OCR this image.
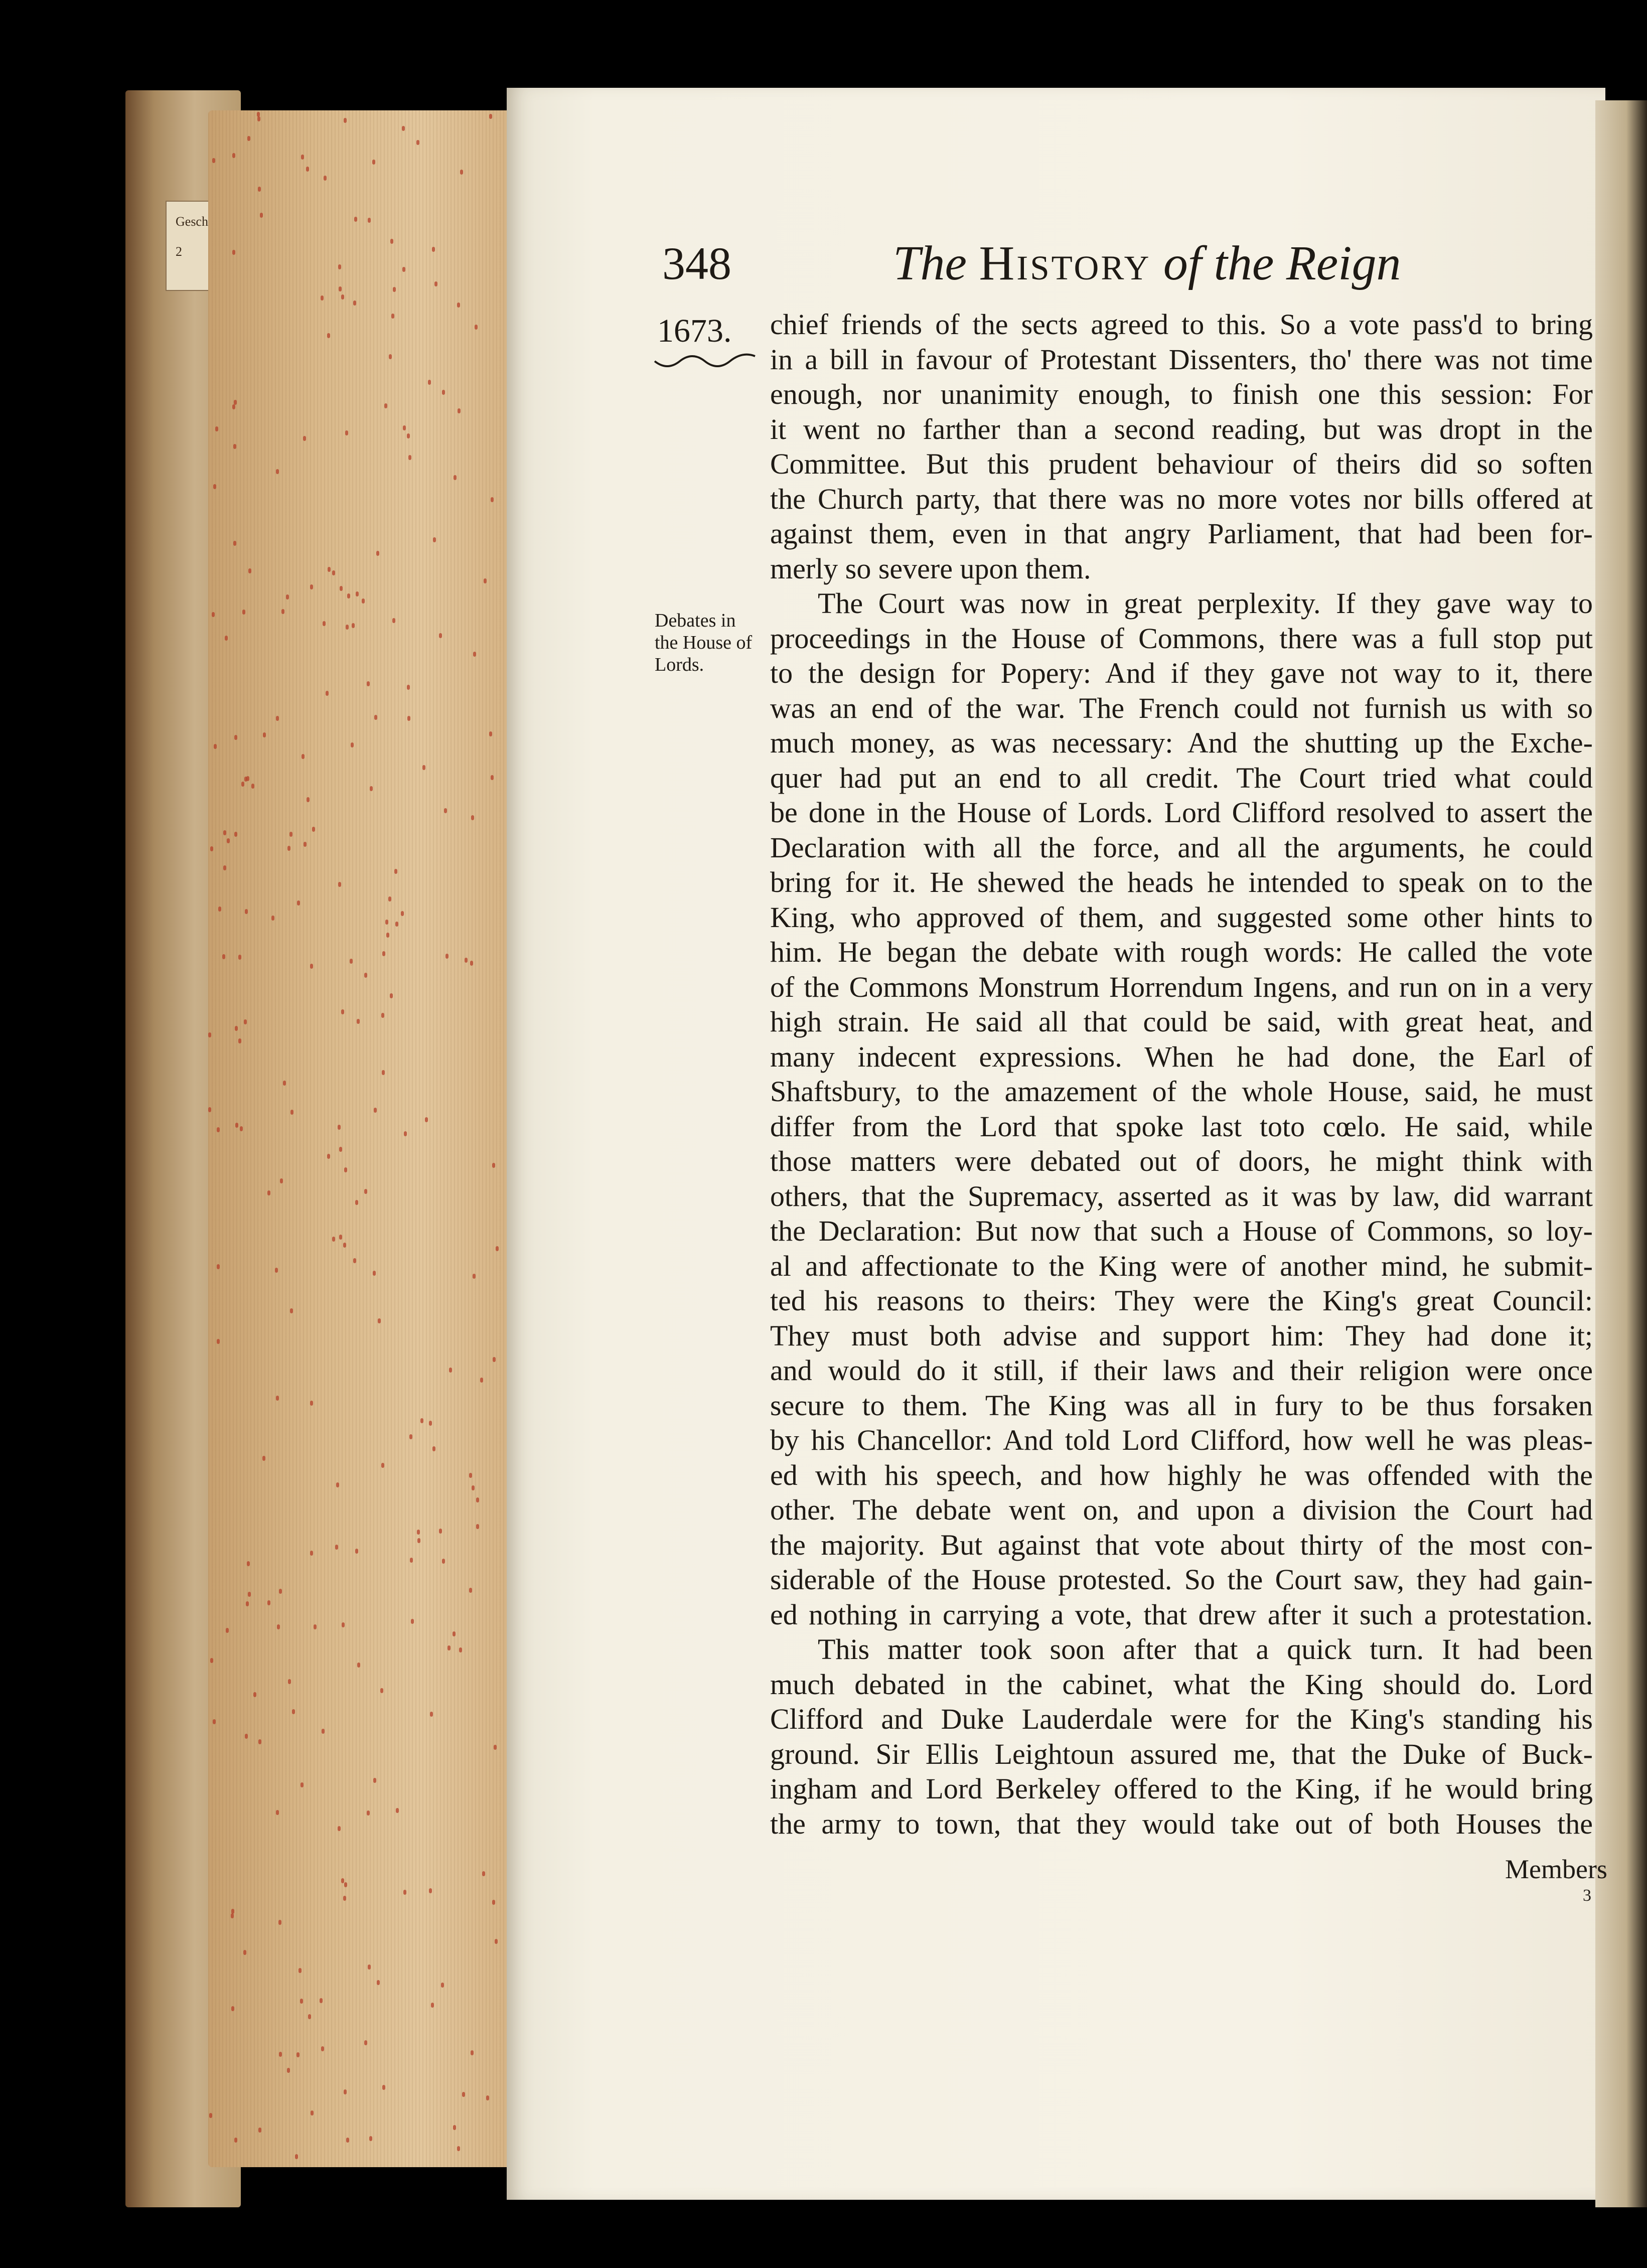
Gesch
2	348	The History of the Reign
1673.
Debates in
the House of
Lords.
chief friends of the sects agreed to this. So a vote pass'd to bring
in a bill in favour of Protestant Dissenters, tho' there was not time
enough, nor unanimity enough, to finish one this session: For
it went no farther than a second reading, but was dropt in the
Committee. But this prudent behaviour of theirs did so soften
the Church party, that there was no more votes nor bills offered at
against them, even in that angry Parliament, that had been for-
merly so severe upon them.
The Court was now in great perplexity. If they gave way to
proceedings in the House of Commons, there was a full stop put
to the design for Popery: And if they gave not way to it, there
was an end of the war. The French could not furnish us with so
much money, as was necessary: And the shutting up the Exche-
quer had put an end to all credit. The Court tried what could
be done in the House of Lords. Lord Clifford resolved to assert the
Declaration with all the force, and all the arguments, he could
bring for it. He shewed the heads he intended to speak on to the
King, who approved of them, and suggested some other hints to
him. He began the debate with rough words: He called the vote
of the Commons Monstrum Horrendum Ingens, and run on in a very
high strain. He said all that could be said, with great heat, and
many indecent expressions. When he had done, the Earl of
Shaftsbury, to the amazement of the whole House, said, he must
differ from the Lord that spoke last toto cœlo. He said, while
those matters were debated out of doors, he might think with
others, that the Supremacy, asserted as it was by law, did warrant
the Declaration: But now that such a House of Commons, so loy-
al and affectionate to the King were of another mind, he submit-
ted his reasons to theirs: They were the King's great Council:
They must both advise and support him: They had done it;
and would do it still, if their laws and their religion were once
secure to them. The King was all in fury to be thus forsaken
by his Chancellor: And told Lord Clifford, how well he was pleas-
ed with his speech, and how highly he was offended with the
other. The debate went on, and upon a division the Court had
the majority. But against that vote about thirty of the most con-
siderable of the House protested. So the Court saw, they had gain-
ed nothing in carrying a vote, that drew after it such a protestation.
This matter took soon after that a quick turn. It had been
much debated in the cabinet, what the King should do. Lord
Clifford and Duke Lauderdale were for the King's standing his
ground. Sir Ellis Leightoun assured me, that the Duke of Buck-
ingham and Lord Berkeley offered to the King, if he would bring
the army to town, that they would take out of both Houses the
Members
3
